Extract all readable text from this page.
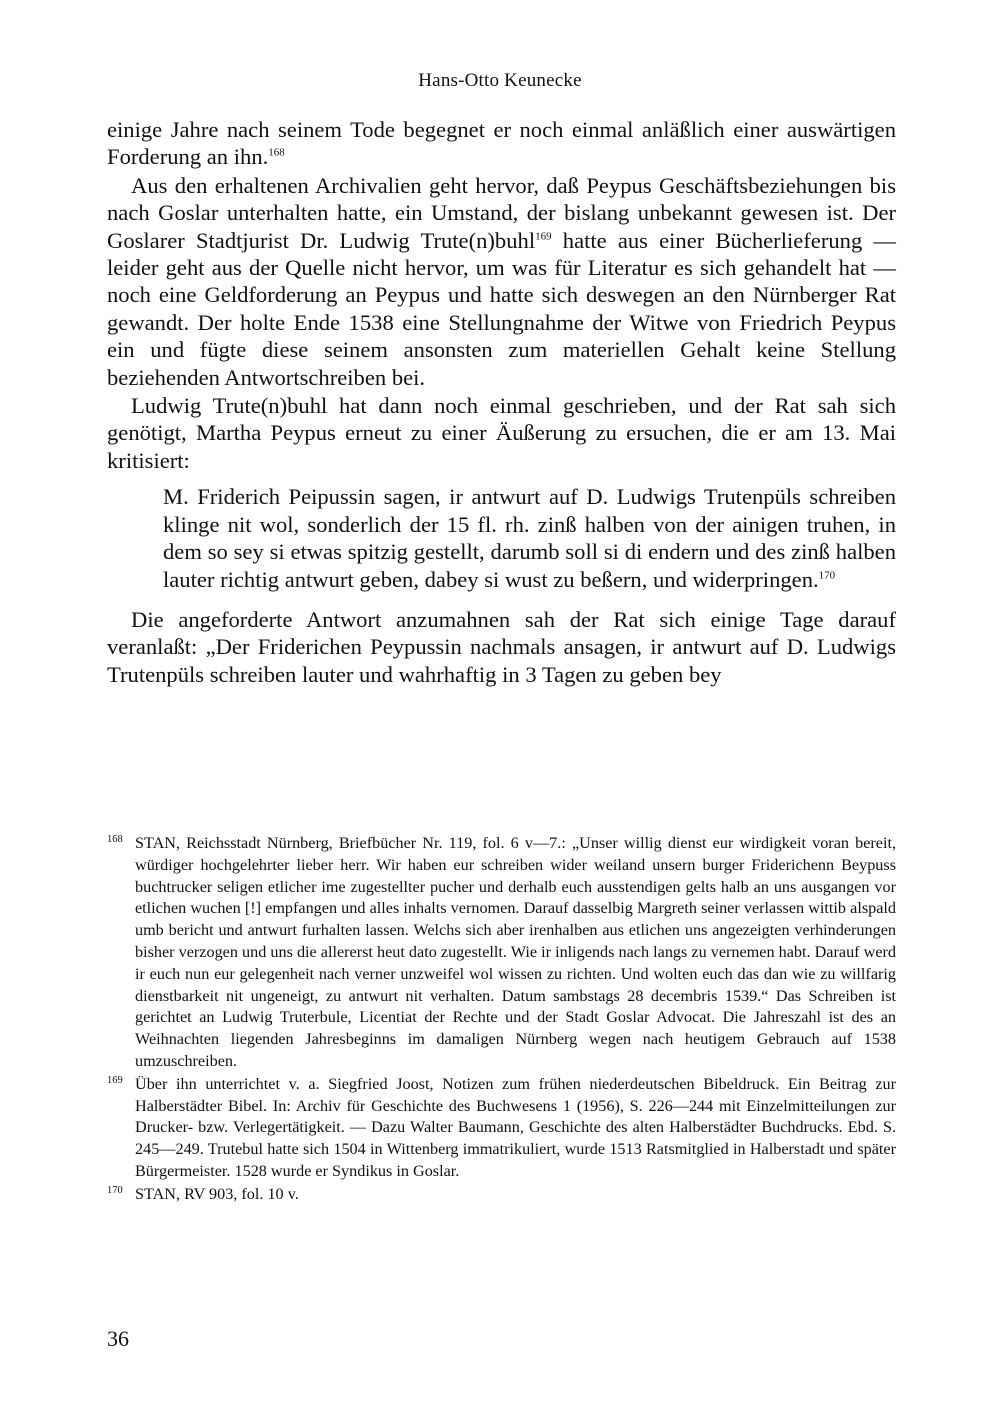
Hans-Otto Keunecke

einige Jahre nach seinem Tode begegnet er noch einmal anläßlich einer auswärtigen Forderung an ihn.$^{168}$

Aus den erhaltenen Archivalien geht hervor, daß Peypus Geschäftsbeziehungen bis nach Goslar unterhalten hatte, ein Umstand, der bislang unbekannt gewesen ist. Der Goslarer Stadtjurist Dr. Ludwig Trute(n)buhl$^{169}$ hatte aus einer Bücherlieferung — leider geht aus der Quelle nicht hervor, um was für Literatur es sich gehandelt hat — noch eine Geldforderung an Peypus und hatte sich deswegen an den Nürnberger Rat gewandt. Der holte Ende 1538 eine Stellungnahme der Witwe von Friedrich Peypus ein und fügte diese seinem ansonsten zum materiellen Gehalt keine Stellung beziehenden Antwortschreiben bei.

Ludwig Trute(n)buhl hat dann noch einmal geschrieben, und der Rat sah sich genötigt, Martha Peypus erneut zu einer Äußerung zu ersuchen, die er am 13. Mai kritisiert:

M. Friderich Peipussin sagen, ir antwurt auf D. Ludwigs Trutenpüls schreiben klinge nit wol, sonderlich der 15 fl. rh. zinß halben von der ainigen truhen, in dem so sey si etwas spitzig gestellt, darumb soll si di endern und des zinß halben lauter richtig antwurt geben, dabey si wust zu beßern, und widerpringen.$^{170}$

Die angeforderte Antwort anzumahnen sah der Rat sich einige Tage darauf veranlaßt: „Der Friderichen Peypussin nachmals ansagen, ir antwurt auf D. Ludwigs Trutenpüls schreiben lauter und wahrhaftig in 3 Tagen zu geben bey

168 STAN, Reichsstadt Nürnberg, Briefbücher Nr. 119, fol. 6 v—7.: „Unser willig dienst eur wirdigkeit voran bereit, würdiger hochgelehrter lieber herr. Wir haben eur schreiben wider weiland unsern burger Friderichenn Beypuss buchtrucker seligen etlicher ime zugestellter pucher und derhalb euch ausstendigen gelts halb an uns ausgangen vor etlichen wuchen [!] empfangen und alles inhalts vernomen. Darauf dasselbig Margreth seiner verlassen wittib alspald umb bericht und antwurt furhalten lassen. Welchs sich aber irenhalben aus etlichen uns angezeigten verhinderungen bisher verzogen und uns die allererst heut dato zugestellt. Wie ir inligends nach langs zu vernemen habt. Darauf werd ir euch nun eur gelegenheit nach verner unzweifel wol wissen zu richten. Und wolten euch das dan wie zu willfarig dienstbarkeit nit ungeneigt, zu antwurt nit verhalten. Datum sambstags 28 decembris 1539.“ Das Schreiben ist gerichtet an Ludwig Truterbule, Licentiat der Rechte und der Stadt Goslar Advocat. Die Jahreszahl ist des an Weihnachten liegenden Jahresbeginns im damaligen Nürnberg wegen nach heutigem Gebrauch auf 1538 umzuschreiben.
169 Über ihn unterrichtet v. a. Siegfried Joost, Notizen zum frühen niederdeutschen Bibeldruck. Ein Beitrag zur Halberstädter Bibel. In: Archiv für Geschichte des Buchwesens 1 (1956), S. 226—244 mit Einzelmitteilungen zur Drucker- bzw. Verlegertätigkeit. — Dazu Walter Baumann, Geschichte des alten Halberstädter Buchdrucks. Ebd. S. 245—249. Trutebul hatte sich 1504 in Wittenberg immatrikuliert, wurde 1513 Ratsmitglied in Halberstadt und später Bürgermeister. 1528 wurde er Syndikus in Goslar.
170 STAN, RV 903, fol. 10 v.
36
